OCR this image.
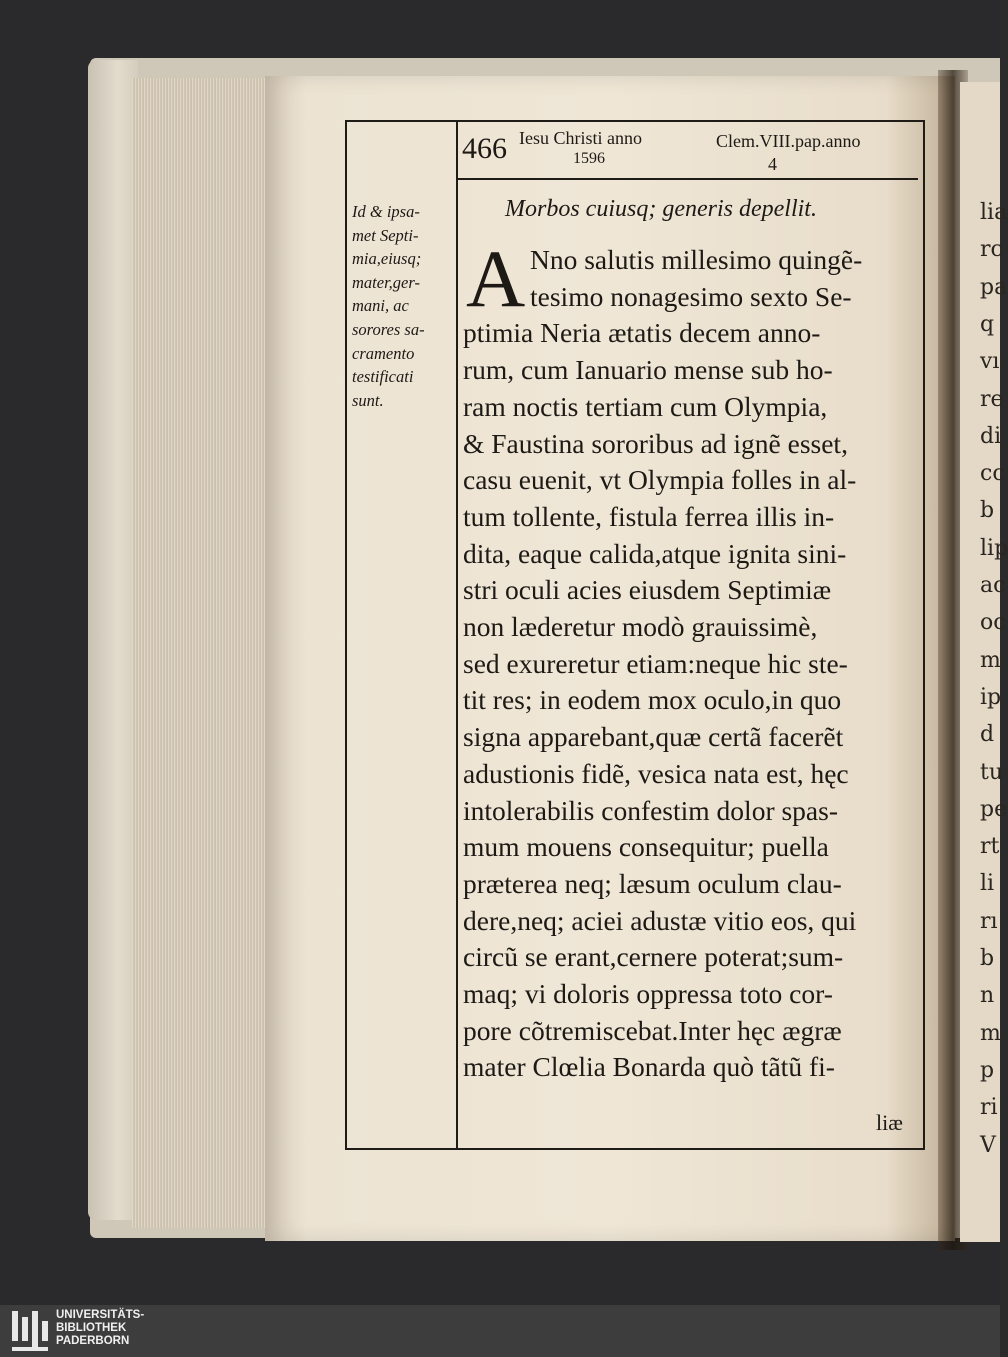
lia
rc
pa
q
vı
re
di
cc
b
lip
ac
oc
m
ip
d
tu
pe
rt
li
rı
b
n
m
p
ri
V
466 Iesu Christi anno
1596
Clem.VIII.pap.anno
4
Id & ipsa-
met Septi-
mia,eiusq;
mater,ger-
mani, ac
sorores sa-
cramento
testificati
sunt.
Morbos cuiusq; generis depellit.
A Nno salutis millesimo quingẽ-
tesimo nonagesimo sexto Se-
ptimia Neria ætatis decem anno-
rum, cum Ianuario mense sub ho-
ram noctis tertiam cum Olympia,
& Faustina sororibus ad ignẽ esset,
casu euenit, vt Olympia folles in al-
tum tollente, fistula ferrea illis in-
dita, eaque calida,atque ignita sini-
stri oculi acies eiusdem Septimiæ
non læderetur modò grauissimè,
sed exureretur etiam:neque hic ste-
tit res; in eodem mox oculo,in quo
signa apparebant,quæ certã facerẽt
adustionis fidẽ, vesica nata est, hęc
intolerabilis confestim dolor spas-
mum mouens consequitur; puella
præterea neq; læsum oculum clau-
dere,neq; aciei adustæ vitio eos, qui
circũ se erant,cernere poterat;sum-
maq; vi doloris oppressa toto cor-
pore cõtremiscebat.Inter hęc ægræ
mater Clœlia Bonarda quò tãtũ fi-
liæ
UNIVERSITÄTS-
BIBLIOTHEK
PADERBORN
